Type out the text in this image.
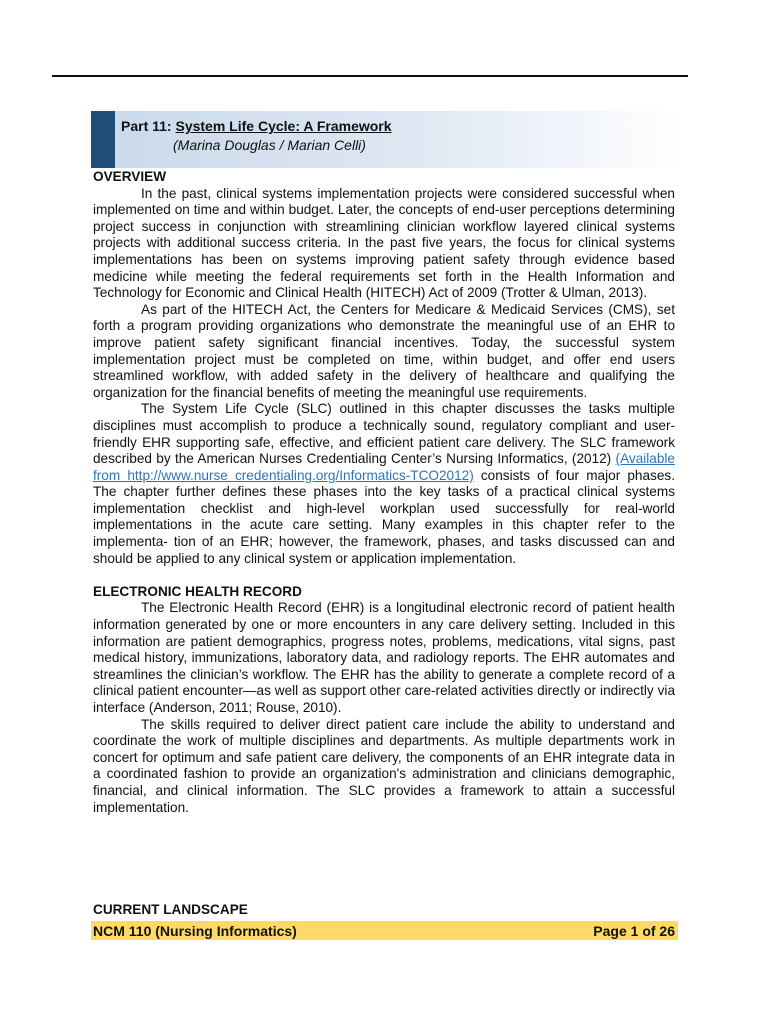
Part 11: System Life Cycle: A Framework
(Marina Douglas / Marian Celli)

OVERVIEW

In the past, clinical systems implementation projects were considered successful when implemented on time and within budget. Later, the concepts of end-user perceptions determining project success in conjunction with streamlining clinician workflow layered clinical systems projects with additional success criteria. In the past five years, the focus for clinical systems implementations has been on systems improving patient safety through evidence based medicine while meeting the federal requirements set forth in the Health Information and Technology for Economic and Clinical Health (HITECH) Act of 2009 (Trotter & Ulman, 2013).

As part of the HITECH Act, the Centers for Medicare & Medicaid Services (CMS), set forth a program providing organizations who demonstrate the meaningful use of an EHR to improve patient safety significant financial incentives. Today, the successful system implementation project must be completed on time, within budget, and offer end users streamlined workflow, with added safety in the delivery of healthcare and qualifying the organization for the financial benefits of meeting the meaningful use requirements.

The System Life Cycle (SLC) outlined in this chapter discusses the tasks multiple disciplines must accomplish to produce a technically sound, regulatory compliant and user-friendly EHR supporting safe, effective, and efficient patient care delivery. The SLC framework described by the American Nurses Credentialing Center’s Nursing Informatics, (2012) (Available from http://www.nurse credentialing.org/Informatics-TCO2012) consists of four major phases. The chapter further defines these phases into the key tasks of a practical clinical systems implementation checklist and high-level workplan used successfully for real-world implementations in the acute care setting. Many examples in this chapter refer to the implementa- tion of an EHR; however, the framework, phases, and tasks discussed can and should be applied to any clinical system or application implementation.

ELECTRONIC HEALTH RECORD

The Electronic Health Record (EHR) is a longitudinal electronic record of patient health information generated by one or more encounters in any care delivery setting. Included in this information are patient demographics, progress notes, problems, medications, vital signs, past medical history, immunizations, laboratory data, and radiology reports. The EHR automates and streamlines the clinician’s workflow. The EHR has the ability to generate a complete record of a clinical patient encounter—as well as support other care-related activities directly or indirectly via interface (Anderson, 2011; Rouse, 2010).

The skills required to deliver direct patient care include the ability to understand and coordinate the work of multiple disciplines and departments. As multiple departments work in concert for optimum and safe patient care delivery, the components of an EHR integrate data in a coordinated fashion to provide an organization's administration and clinicians demographic, financial, and clinical information. The SLC provides a framework to attain a successful implementation.

CURRENT LANDSCAPE
NCM 110 (Nursing Informatics)	Page 1 of 26
